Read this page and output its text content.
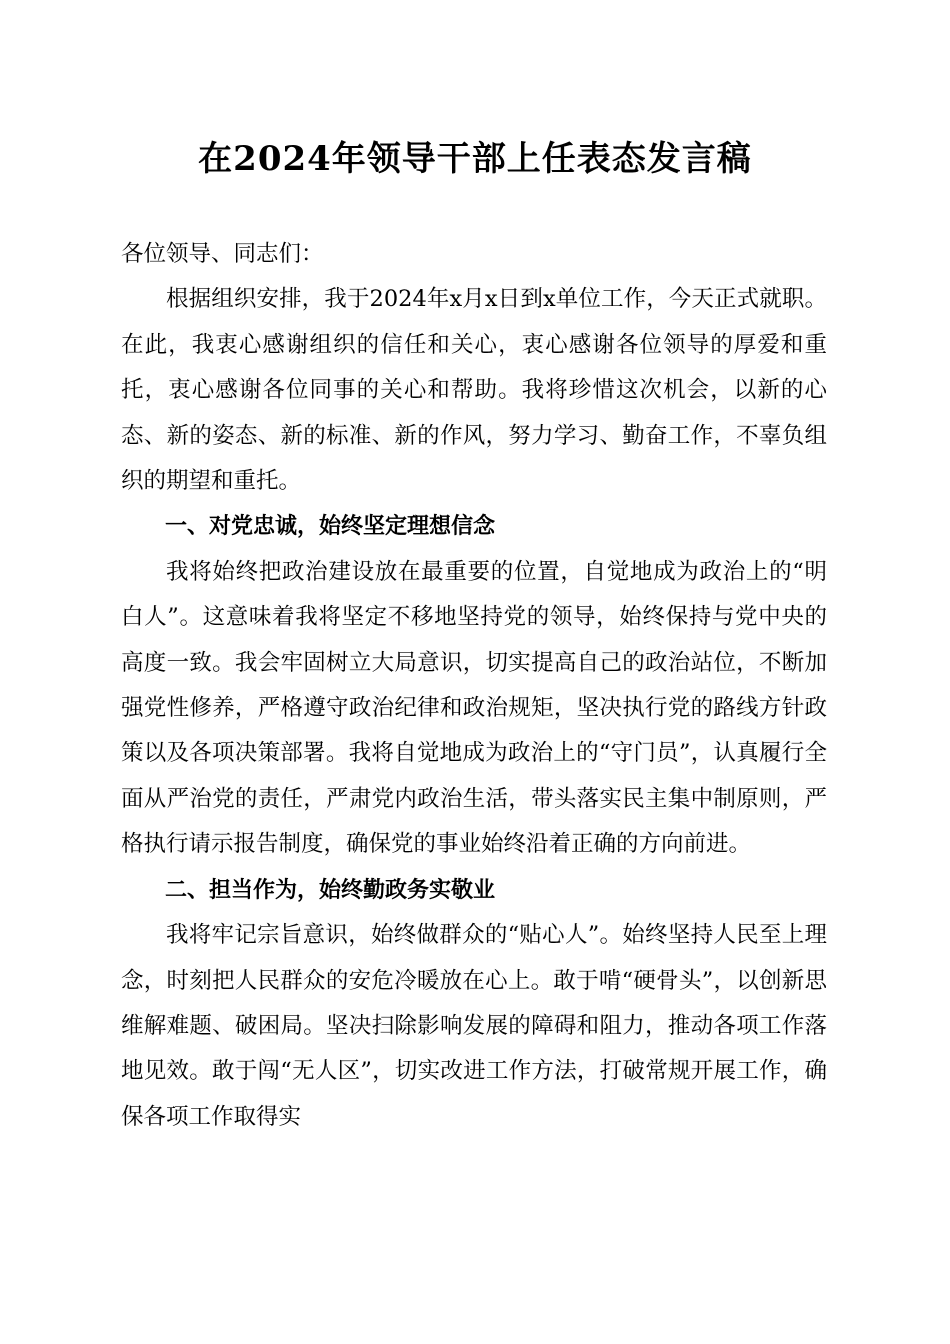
在2024年领导干部上任表态发言稿

各位领导、同志们：

根据组织安排，我于2024年x月x日到x单位工作，今天正式就职。在此，我衷心感谢组织的信任和关心，衷心感谢各位领导的厚爱和重托，衷心感谢各位同事的关心和帮助。我将珍惜这次机会，以新的心态、新的姿态、新的标准、新的作风，努力学习、勤奋工作，不辜负组织的期望和重托。

一、对党忠诚，始终坚定理想信念

我将始终把政治建设放在最重要的位置，自觉地成为政治上的“明白人”。这意味着我将坚定不移地坚持党的领导，始终保持与党中央的高度一致。我会牢固树立大局意识，切实提高自己的政治站位，不断加强党性修养，严格遵守政治纪律和政治规矩，坚决执行党的路线方针政策以及各项决策部署。我将自觉地成为政治上的“守门员”，认真履行全面从严治党的责任，严肃党内政治生活，带头落实民主集中制原则，严格执行请示报告制度，确保党的事业始终沿着正确的方向前进。

二、担当作为，始终勤政务实敬业

我将牢记宗旨意识，始终做群众的“贴心人”。始终坚持人民至上理念，时刻把人民群众的安危冷暖放在心上。敢于啃“硬骨头”，以创新思维解难题、破困局。坚决扫除影响发展的障碍和阻力，推动各项工作落地见效。敢于闯“无人区”，切实改进工作方法，打破常规开展工作，确保各项工作取得实
